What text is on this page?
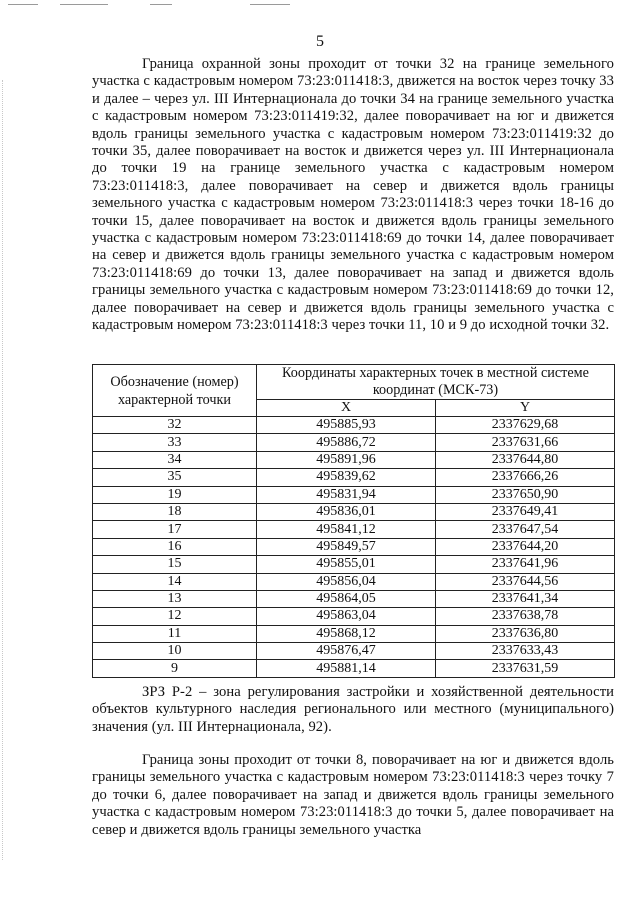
5

Граница охранной зоны проходит от точки 32 на границе земельного участка с кадастровым номером 73:23:011418:3, движется на восток через точку 33 и далее – через ул. III Интернационала до точки 34 на границе земельного участка с кадастровым номером 73:23:011419:32, далее поворачивает на юг и движется вдоль границы земельного участка с кадастровым номером 73:23:011419:32 до точки 35, далее поворачивает на восток и движется через ул. III Интернационала до точки 19 на границе земельного участка с кадастровым номером 73:23:011418:3, далее поворачивает на север и движется вдоль границы земельного участка с кадастровым номером 73:23:011418:3 через точки 18-16 до точки 15, далее поворачивает на восток и движется вдоль границы земельного участка с кадастровым номером 73:23:011418:69 до точки 14, далее поворачивает на север и движется вдоль границы земельного участка с кадастровым номером 73:23:011418:69 до точки 13, далее поворачивает на запад и движется вдоль границы земельного участка с кадастровым номером 73:23:011418:69 до точки 12, далее поворачивает на север и движется вдоль границы земельного участка с кадастровым номером 73:23:011418:3 через точки 11, 10 и 9 до исходной точки 32.

Обозначение (номер) характерной точки	Координаты характерных точек в местной системе координат (МСК-73)	
	X	Y
32	495885,93	2337629,68
33	495886,72	2337631,66
34	495891,96	2337644,80
35	495839,62	2337666,26
19	495831,94	2337650,90
18	495836,01	2337649,41
17	495841,12	2337647,54
16	495849,57	2337644,20
15	495855,01	2337641,96
14	495856,04	2337644,56
13	495864,05	2337641,34
12	495863,04	2337638,78
11	495868,12	2337636,80
10	495876,47	2337633,43
9	495881,14	2337631,59

ЗРЗ Р-2 – зона регулирования застройки и хозяйственной деятельности объектов культурного наследия регионального или местного (муниципального) значения (ул. III Интернационала, 92).

Граница зоны проходит от точки 8, поворачивает на юг и движется вдоль границы земельного участка с кадастровым номером 73:23:011418:3 через точку 7 до точки 6, далее поворачивает на запад и движется вдоль границы земельного участка с кадастровым номером 73:23:011418:3 до точки 5, далее поворачивает на север и движется вдоль границы земельного участка
